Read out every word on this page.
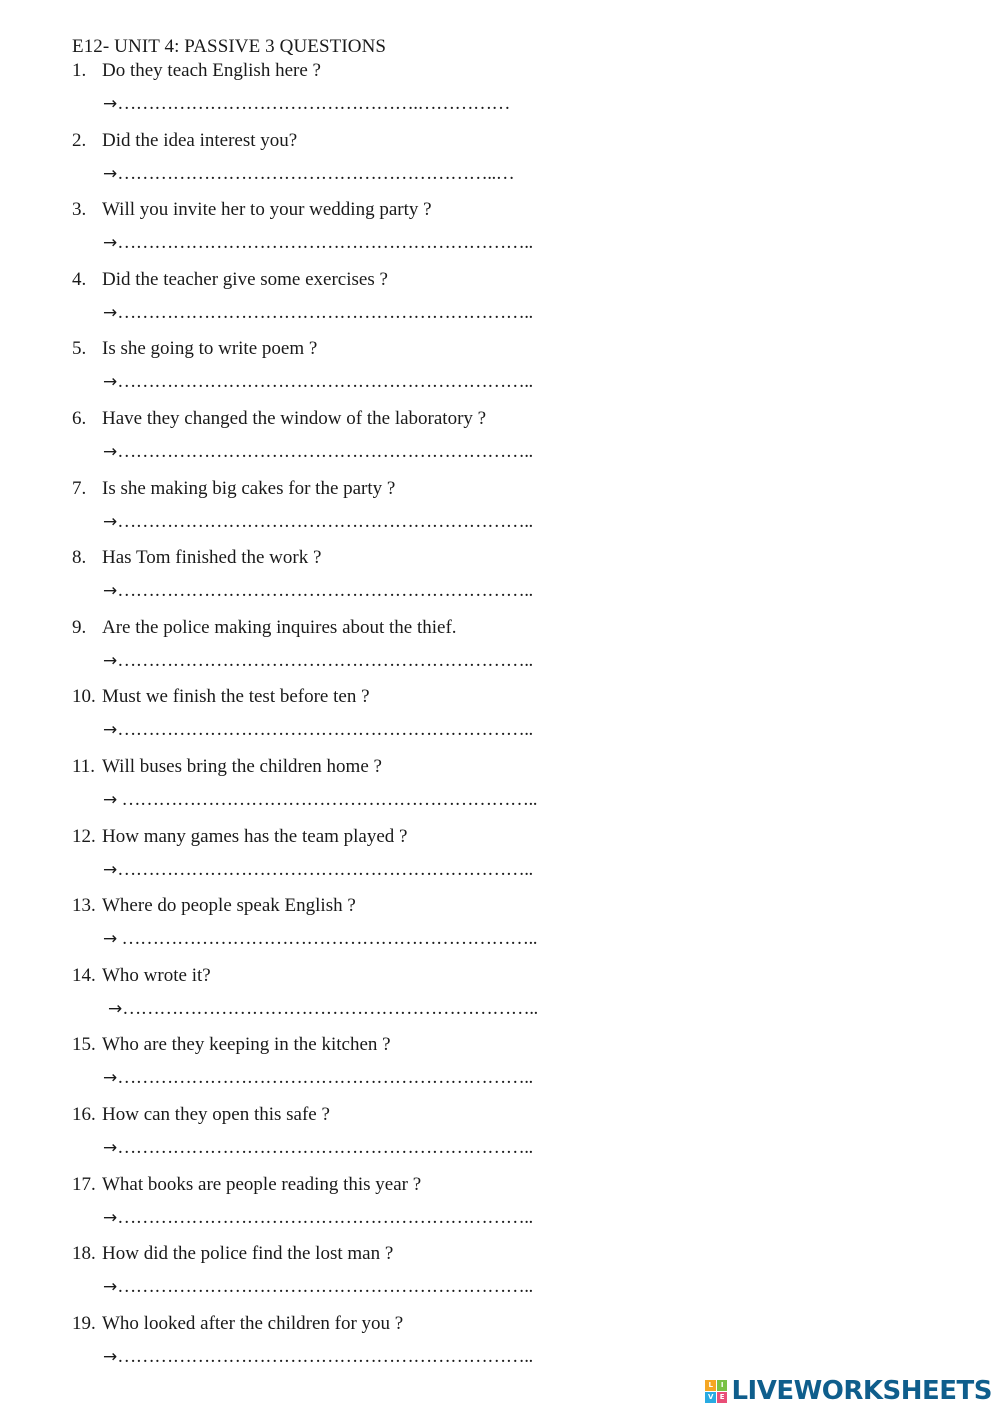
E12- UNIT 4: PASSIVE 3 QUESTIONS
1. Do they teach English here ?
→………………………………………….……………
2. Did the idea interest you?
→……………………………………………………..…
3. Will you invite her to your wedding party ?
→…………………………………………………………..
4. Did the teacher give some exercises ?
→…………………………………………………………..
5. Is she going to write poem ?
→…………………………………………………………..
6. Have they changed the window of the laboratory ?
→…………………………………………………………..
7. Is she making big cakes for the party ?
→…………………………………………………………..
8. Has Tom finished the work ?
→…………………………………………………………..
9. Are the police making inquires about the thief.
→…………………………………………………………..
10. Must we finish the test before ten ?
→…………………………………………………………..
11. Will buses bring the children home ?
→ …………………………………………………………..
12. How many games has the team played ?
→…………………………………………………………..
13. Where do people speak English ?
→ …………………………………………………………..
14. Who wrote it?
→…………………………………………………………..
15. Who are they keeping in the kitchen ?
→…………………………………………………………..
16. How can they open this safe ?
→…………………………………………………………..
17. What books are people reading this year ?
→…………………………………………………………..
18. How did the police find the lost man ?
→…………………………………………………………..
19. Who looked after the children for you ?
→…………………………………………………………..
L	I
V E LIVEWORKSHEETS
